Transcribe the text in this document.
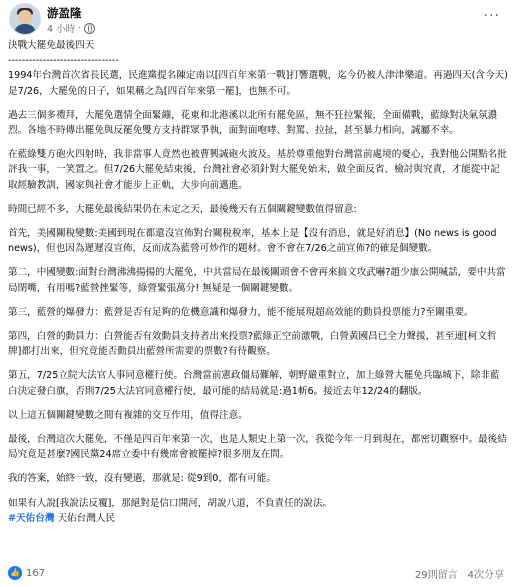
游盈隆
4 小時 ·
···

決戰大罷免最後四天

--------------------------------

1994年台灣首次省長民選，民進黨提名陳定南以[四百年來第一戰]打響選戰，迄今仍被人津津樂道。再過四天(含今天)是7/26，大罷免的日子，如果稱之為[四百年來第一罷]，也無不可。

過去三個多禮拜，大罷免選情全面緊繃，花東和北港溪以北所有罷免區，無不狂拉緊報，全面備戰，藍綠對決氣氛濃烈。各地不時傳出罷免與反罷免雙方支持群眾爭執，面對面咆哮、對罵、拉扯，甚至暴力相向，誠屬不幸。

在藍綠雙方砲火四射時，我非當事人竟然也被曹興誠砲火波及。基於尊重他對台灣當前處境的憂心，我對他公開點名批評我一事，一笑置之。但7/26大罷免結束後，台灣社會必須針對大罷免始末，做全面反省、檢討與究責，才能從中記取經驗教訓，國家與社會才能步上正軌，大步向前邁進。

時間已經不多，大罷免最後結果仍在未定之天，最後幾天有五個關鍵變數值得留意:

首先，美國關稅變數:美國到現在都還沒宣佈對台關稅稅率，基本上是【沒有消息，就是好消息】(No news is good news)，但也因為遲遲沒宣佈，反而成為藍營可炒作的題材。會不會在7/26之前宣佈?的確是個變數。

第二，中國變數:面對台灣沸沸揚揚的大罷免，中共當局在最後關頭會不會再來搞文攻武嚇?趙少康公開喊話，要中共當局閉嘴，有用嗎?藍營挫緊等，綠營緊張萬分! 無疑是一個關鍵變數。

第三，藍營的爆發力：藍營是否有足夠的危機意識和爆發力，能不能展現超高效能的動員投票能力?至關重要。

第四，白營的動員力：白營能否有效動員支持者出來投票?藍綠正空前激戰，白營黃國昌已全力聲援，甚至連[柯文哲牌]都打出來，但究竟能否動員出藍營所需要的票數?有待觀察。

第五，7/25立院大法官人事同意權行使。台灣當前憲政僵局難解，朝野嚴重對立，加上綠營大罷免兵臨城下，除非藍白決定發白旗，否則7/25大法官同意權行使，最可能的結局就是:過1斬6。接近去年12/24的翻版。

以上這五個關鍵變數之間有複雜的交互作用，值得注意。

最後，台灣這次大罷免，不僅是四百年來第一次，也是人類史上第一次，我從今年一月到現在，都密切觀察中。最後結局究竟是甚麼?國民黨24席立委中有幾席會被罷掉?很多朋友在問。

我的答案，始終一致，沒有變過，那就是: 從9到0，都有可能。

如果有人說[我說法反覆]，那絕對是信口開河，胡說八道，不負責任的說法。

#天佑台灣 天佑台灣人民

👍 167	29則留言 4次分享
